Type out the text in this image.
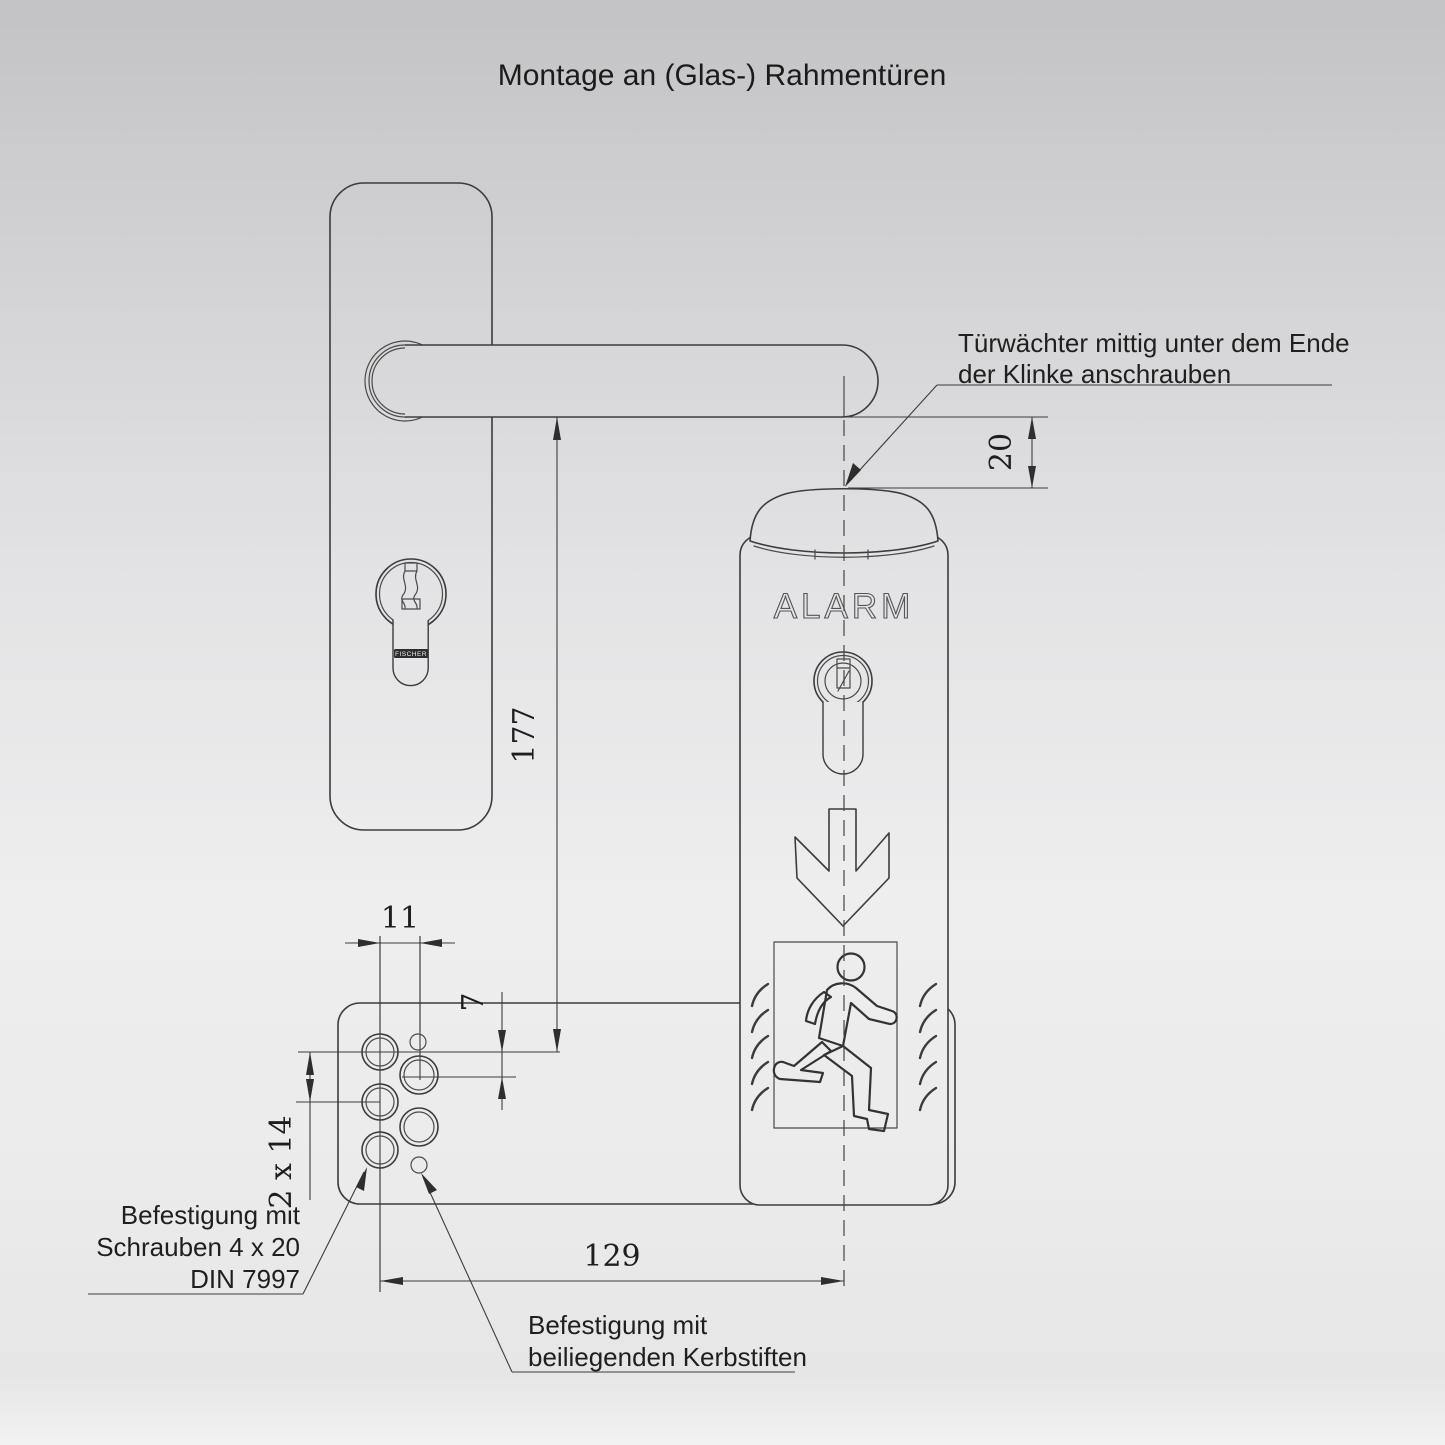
Montage an (Glas-) Rahmentüren
FISCHER
ALARM
20
177
11
7
2 x 14
129
Türwächter mittig unter dem Ende
der Klinke anschrauben
Befestigung mit
Schrauben 4 x 20
DIN 7997
Befestigung mit
beiliegenden Kerbstiften
